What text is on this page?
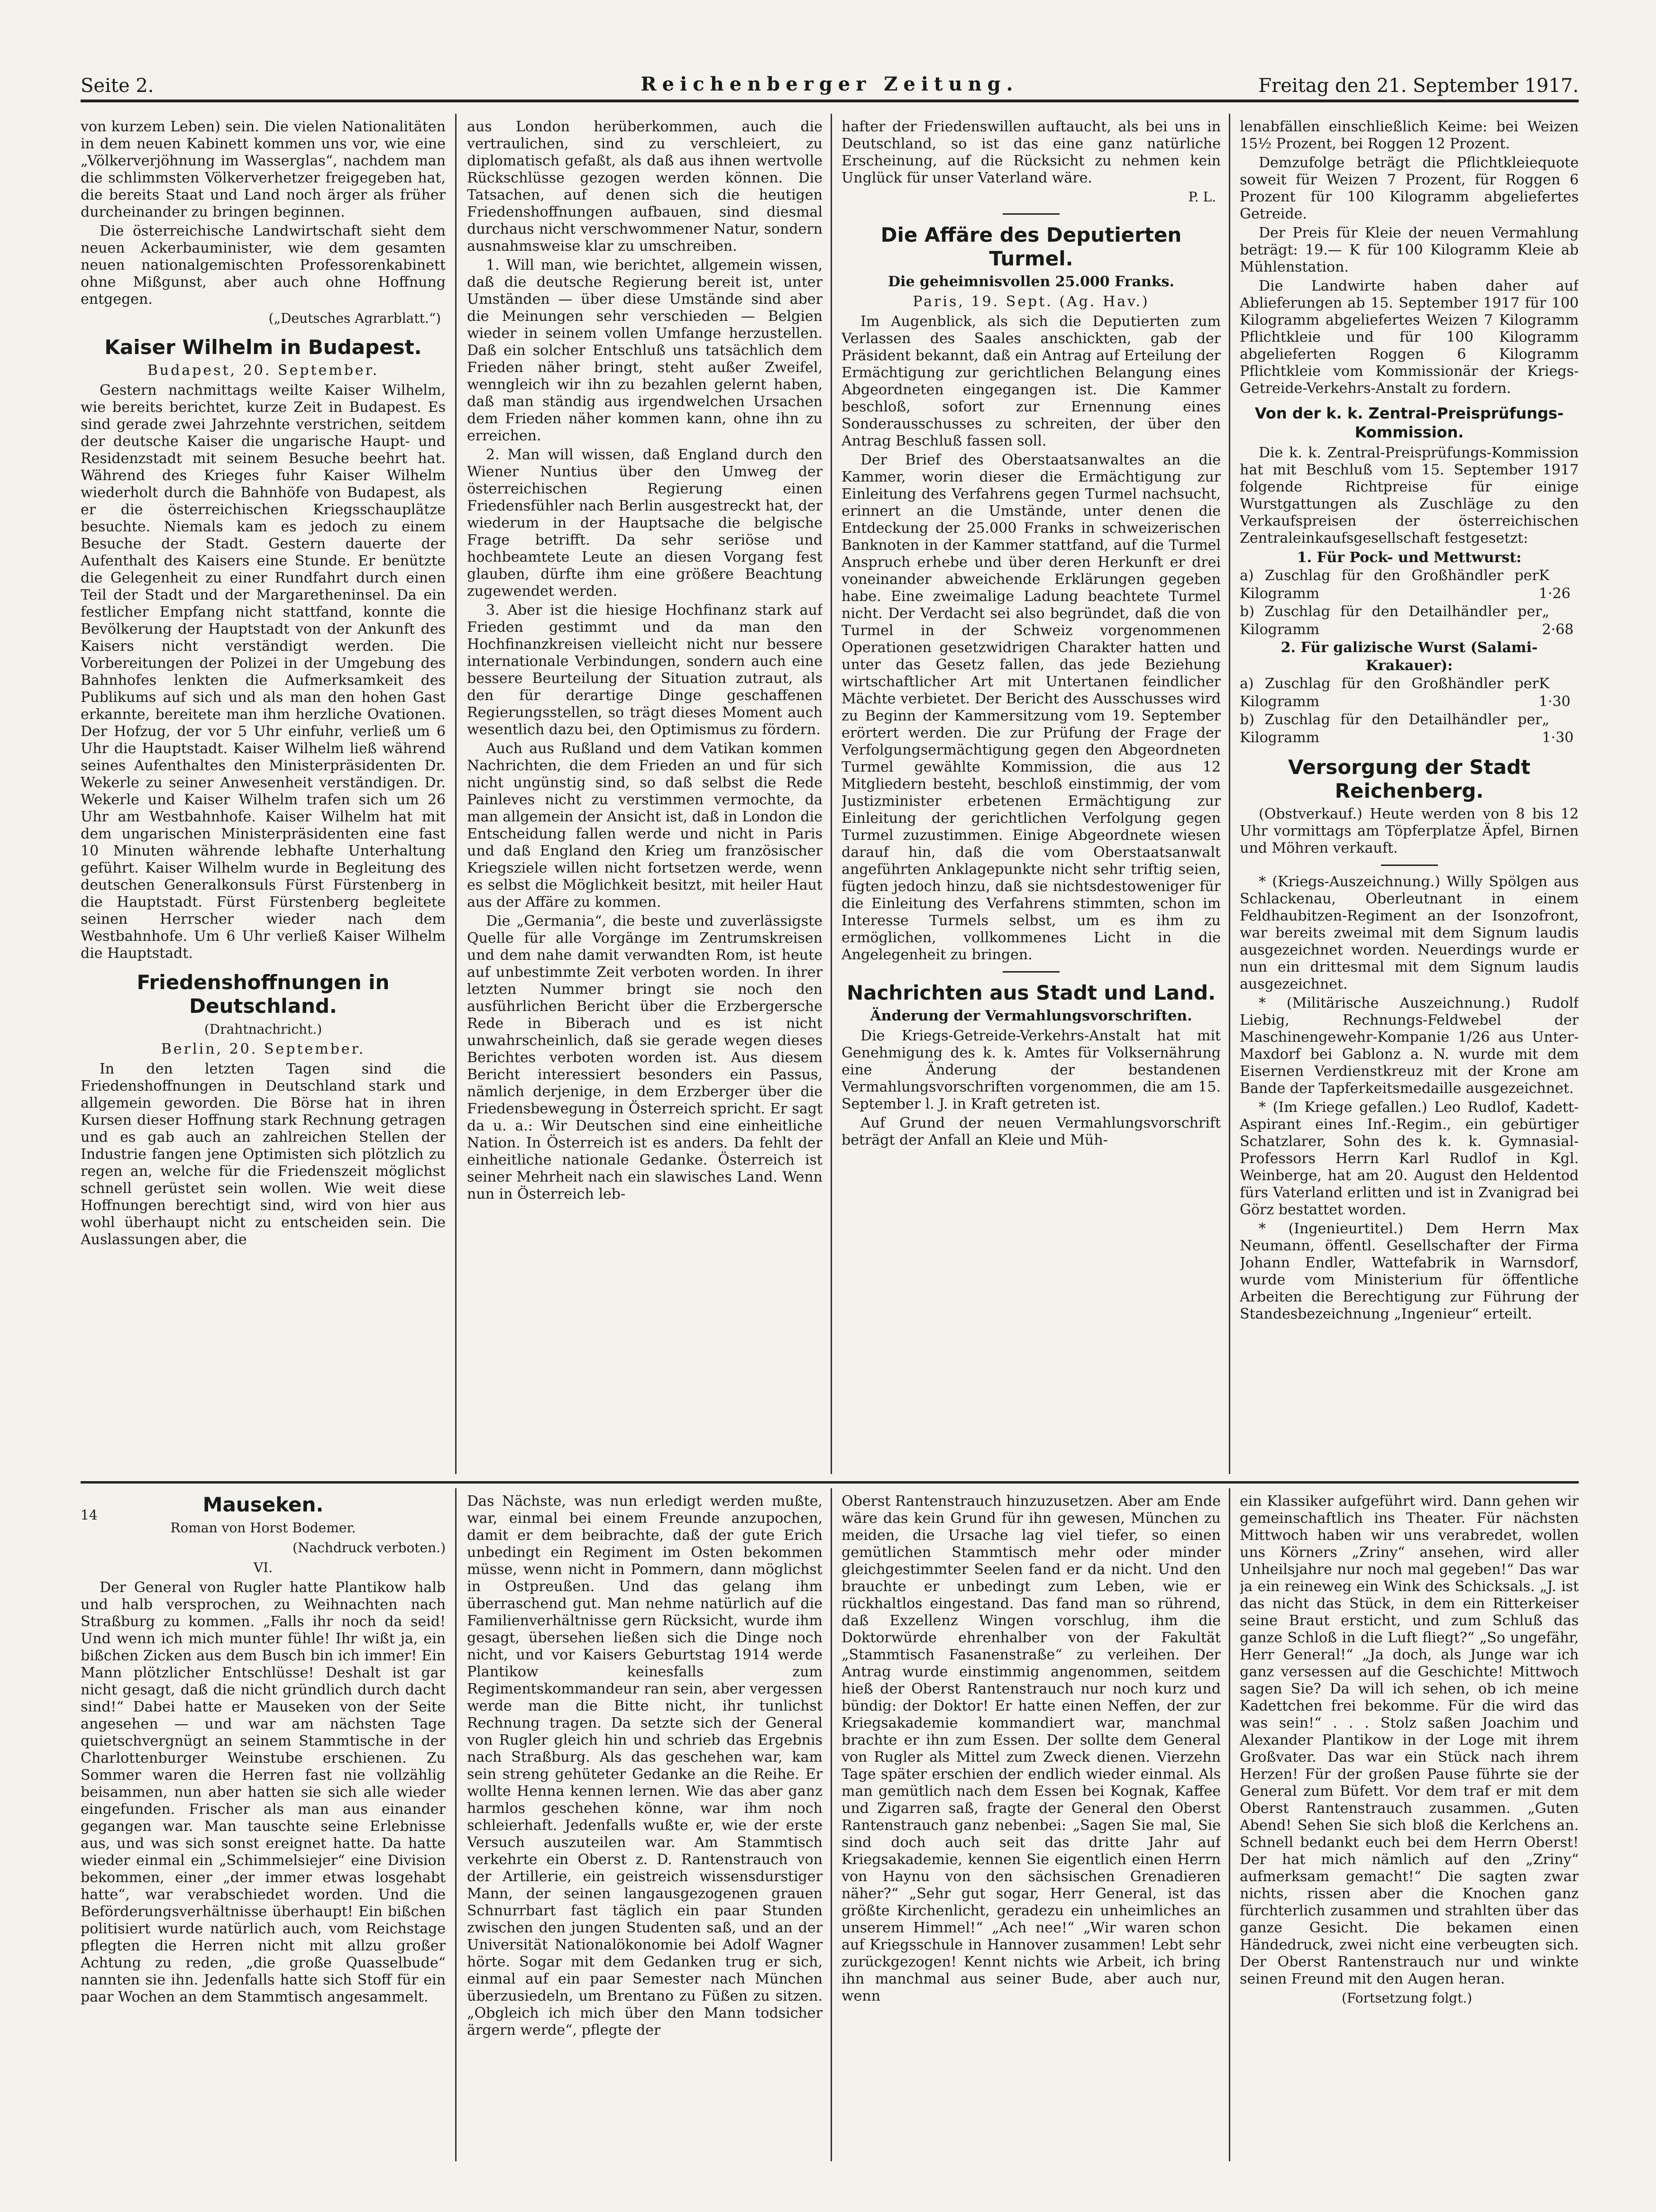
Seite 2.	Reichenberger Zeitung.	Freitag den 21. September 1917.

von kurzem Leben) sein. Die vielen Nationalitäten in dem neuen Kabinett kommen uns vor, wie eine „Völkerverjöhnung im Wasserglas“, nachdem man die schlimmsten Völkerverhetzer freigegeben hat, die bereits Staat und Land noch ärger als früher durcheinander zu bringen beginnen.

Die österreichische Landwirtschaft sieht dem neuen Ackerbauminister, wie dem gesamten neuen nationalgemischten Professorenkabinett ohne Mißgunst, aber auch ohne Hoffnung entgegen.

(„Deutsches Agrarblatt.“)
Kaiser Wilhelm in Budapest.
Budapest, 20. September.

Gestern nachmittags weilte Kaiser Wilhelm, wie bereits berichtet, kurze Zeit in Budapest. Es sind gerade zwei Jahrzehnte verstrichen, seitdem der deutsche Kaiser die ungarische Haupt- und Residenzstadt mit seinem Besuche beehrt hat. Während des Krieges fuhr Kaiser Wilhelm wiederholt durch die Bahnhöfe von Budapest, als er die österreichischen Kriegsschauplätze besuchte. Niemals kam es jedoch zu einem Besuche der Stadt. Gestern dauerte der Aufenthalt des Kaisers eine Stunde. Er benützte die Gelegenheit zu einer Rundfahrt durch einen Teil der Stadt und der Margaretheninsel. Da ein festlicher Empfang nicht stattfand, konnte die Bevölkerung der Hauptstadt von der Ankunft des Kaisers nicht verständigt werden. Die Vorbereitungen der Polizei in der Umgebung des Bahnhofes lenkten die Aufmerksamkeit des Publikums auf sich und als man den hohen Gast erkannte, bereitete man ihm herzliche Ovationen. Der Hofzug, der vor 5 Uhr einfuhr, verließ um 6 Uhr die Hauptstadt. Kaiser Wilhelm ließ während seines Aufenthaltes den Ministerpräsidenten Dr. Wekerle zu seiner Anwesenheit verständigen. Dr. Wekerle und Kaiser Wilhelm trafen sich um 26 Uhr am Westbahnhofe. Kaiser Wilhelm hat mit dem ungarischen Ministerpräsidenten eine fast 10 Minuten währende lebhafte Unterhaltung geführt. Kaiser Wilhelm wurde in Begleitung des deutschen Generalkonsuls Fürst Fürstenberg in die Hauptstadt. Fürst Fürstenberg begleitete seinen Herrscher wieder nach dem Westbahnhofe. Um 6 Uhr verließ Kaiser Wilhelm die Hauptstadt.

Friedenshoffnungen in Deutschland.
(Drahtnachricht.)
Berlin, 20. September.

In den letzten Tagen sind die Friedenshoffnungen in Deutschland stark und allgemein geworden. Die Börse hat in ihren Kursen dieser Hoffnung stark Rechnung getragen und es gab auch an zahlreichen Stellen der Industrie fangen jene Optimisten sich plötzlich zu regen an, welche für die Friedenszeit möglichst schnell gerüstet sein wollen. Wie weit diese Hoffnungen berechtigt sind, wird von hier aus wohl überhaupt nicht zu entscheiden sein. Die Auslassungen aber, die

aus London herüberkommen, auch die vertraulichen, sind zu verschleiert, zu diplomatisch gefaßt, als daß aus ihnen wertvolle Rückschlüsse gezogen werden können. Die Tatsachen, auf denen sich die heutigen Friedenshoffnungen aufbauen, sind diesmal durchaus nicht verschwommener Natur, sondern ausnahmsweise klar zu umschreiben.

1. Will man, wie berichtet, allgemein wissen, daß die deutsche Regierung bereit ist, unter Umständen — über diese Umstände sind aber die Meinungen sehr verschieden — Belgien wieder in seinem vollen Umfange herzustellen. Daß ein solcher Entschluß uns tatsächlich dem Frieden näher bringt, steht außer Zweifel, wenngleich wir ihn zu bezahlen gelernt haben, daß man ständig aus irgendwelchen Ursachen dem Frieden näher kommen kann, ohne ihn zu erreichen.

2. Man will wissen, daß England durch den Wiener Nuntius über den Umweg der österreichischen Regierung einen Friedensfühler nach Berlin ausgestreckt hat, der wiederum in der Hauptsache die belgische Frage betrifft. Da sehr seriöse und hochbeamtete Leute an diesen Vorgang fest glauben, dürfte ihm eine größere Beachtung zugewendet werden.

3. Aber ist die hiesige Hochfinanz stark auf Frieden gestimmt und da man den Hochfinanzkreisen vielleicht nicht nur bessere internationale Verbindungen, sondern auch eine bessere Beurteilung der Situation zutraut, als den für derartige Dinge geschaffenen Regierungsstellen, so trägt dieses Moment auch wesentlich dazu bei, den Optimismus zu fördern.

Auch aus Rußland und dem Vatikan kommen Nachrichten, die dem Frieden an und für sich nicht ungünstig sind, so daß selbst die Rede Painleves nicht zu verstimmen vermochte, da man allgemein der Ansicht ist, daß in London die Entscheidung fallen werde und nicht in Paris und daß England den Krieg um französischer Kriegsziele willen nicht fortsetzen werde, wenn es selbst die Möglichkeit besitzt, mit heiler Haut aus der Affäre zu kommen.

Die „Germania“, die beste und zuverlässigste Quelle für alle Vorgänge im Zentrumskreisen und dem nahe damit verwandten Rom, ist heute auf unbestimmte Zeit verboten worden. In ihrer letzten Nummer bringt sie noch den ausführlichen Bericht über die Erzbergersche Rede in Biberach und es ist nicht unwahrscheinlich, daß sie gerade wegen dieses Berichtes verboten worden ist. Aus diesem Bericht interessiert besonders ein Passus, nämlich derjenige, in dem Erzberger über die Friedensbewegung in Österreich spricht. Er sagt da u. a.: Wir Deutschen sind eine einheitliche Nation. In Österreich ist es anders. Da fehlt der einheitliche nationale Gedanke. Österreich ist seiner Mehrheit nach ein slawisches Land. Wenn nun in Österreich leb-

hafter der Friedenswillen auftaucht, als bei uns in Deutschland, so ist das eine ganz natürliche Erscheinung, auf die Rücksicht zu nehmen kein Unglück für unser Vaterland wäre.

P. L.
Die Affäre des Deputierten Turmel.
Die geheimnisvollen 25.000 Franks.
Paris, 19. Sept. (Ag. Hav.)

Im Augenblick, als sich die Deputierten zum Verlassen des Saales anschickten, gab der Präsident bekannt, daß ein Antrag auf Erteilung der Ermächtigung zur gerichtlichen Belangung eines Abgeordneten eingegangen ist. Die Kammer beschloß, sofort zur Ernennung eines Sonderausschusses zu schreiten, der über den Antrag Beschluß fassen soll.

Der Brief des Oberstaatsanwaltes an die Kammer, worin dieser die Ermächtigung zur Einleitung des Verfahrens gegen Turmel nachsucht, erinnert an die Umstände, unter denen die Entdeckung der 25.000 Franks in schweizerischen Banknoten in der Kammer stattfand, auf die Turmel Anspruch erhebe und über deren Herkunft er drei voneinander abweichende Erklärungen gegeben habe. Eine zweimalige Ladung beachtete Turmel nicht. Der Verdacht sei also begründet, daß die von Turmel in der Schweiz vorgenommenen Operationen gesetzwidrigen Charakter hatten und unter das Gesetz fallen, das jede Beziehung wirtschaftlicher Art mit Untertanen feindlicher Mächte verbietet. Der Bericht des Ausschusses wird zu Beginn der Kammersitzung vom 19. September erörtert werden. Die zur Prüfung der Frage der Verfolgungsermächtigung gegen den Abgeordneten Turmel gewählte Kommission, die aus 12 Mitgliedern besteht, beschloß einstimmig, der vom Justizminister erbetenen Ermächtigung zur Einleitung der gerichtlichen Verfolgung gegen Turmel zuzustimmen. Einige Abgeordnete wiesen darauf hin, daß die vom Oberstaatsanwalt angeführten Anklagepunkte nicht sehr triftig seien, fügten jedoch hinzu, daß sie nichtsdestoweniger für die Einleitung des Verfahrens stimmten, schon im Interesse Turmels selbst, um es ihm zu ermöglichen, vollkommenes Licht in die Angelegenheit zu bringen.

Nachrichten aus Stadt und Land.
Änderung der Vermahlungsvorschriften.

Die Kriegs-Getreide-Verkehrs-Anstalt hat mit Genehmigung des k. k. Amtes für Volksernährung eine Änderung der bestandenen Vermahlungsvorschriften vorgenommen, die am 15. September l. J. in Kraft getreten ist.

Auf Grund der neuen Vermahlungsvorschrift beträgt der Anfall an Kleie und Müh-

lenabfällen einschließlich Keime: bei Weizen 15½ Prozent, bei Roggen 12 Prozent.

Demzufolge beträgt die Pflichtkleiequote soweit für Weizen 7 Prozent, für Roggen 6 Prozent für 100 Kilogramm abgeliefertes Getreide.

Der Preis für Kleie der neuen Vermahlung beträgt: 19.— K für 100 Kilogramm Kleie ab Mühlenstation.

Die Landwirte haben daher auf Ablieferungen ab 15. September 1917 für 100 Kilogramm abgeliefertes Weizen 7 Kilogramm Pflichtkleie und für 100 Kilogramm abgelieferten Roggen 6 Kilogramm Pflichtkleie vom Kommissionär der Kriegs-Getreide-Verkehrs-Anstalt zu fordern.

Von der k. k. Zentral-Preisprüfungs-Kommission.

Die k. k. Zentral-Preisprüfungs-Kommission hat mit Beschluß vom 15. September 1917 folgende Richtpreise für einige Wurstgattungen als Zuschläge zu den Verkaufspreisen der österreichischen Zentraleinkaufsgesellschaft festgesetzt:

1. Für Pock- und Mettwurst:
a) Zuschlag für den Großhändler per Kilogramm
K 1·26
b) Zuschlag für den Detailhändler per Kilogramm
„ 2·68
2. Für galizische Wurst (Salami-Krakauer):
a) Zuschlag für den Großhändler per Kilogramm
K 1·30
b) Zuschlag für den Detailhändler per Kilogramm
„ 1·30
Versorgung der Stadt Reichenberg.

(Obstverkauf.) Heute werden von 8 bis 12 Uhr vormittags am Töpferplatze Äpfel, Birnen und Möhren verkauft.

* (Kriegs-Auszeichnung.) Willy Spölgen aus Schlackenau, Oberleutnant in einem Feldhaubitzen-Regiment an der Isonzofront, war bereits zweimal mit dem Signum laudis ausgezeichnet worden. Neuerdings wurde er nun ein drittesmal mit dem Signum laudis ausgezeichnet.

* (Militärische Auszeichnung.) Rudolf Liebig, Rechnungs-Feldwebel der Maschinengewehr-Kompanie 1/26 aus Unter-Maxdorf bei Gablonz a. N. wurde mit dem Eisernen Verdienstkreuz mit der Krone am Bande der Tapferkeitsmedaille ausgezeichnet.

* (Im Kriege gefallen.) Leo Rudlof, Kadett-Aspirant eines Inf.-Regim., ein gebürtiger Schatzlarer, Sohn des k. k. Gymnasial-Professors Herrn Karl Rudlof in Kgl. Weinberge, hat am 20. August den Heldentod fürs Vaterland erlitten und ist in Zvanigrad bei Görz bestattet worden.

* (Ingenieurtitel.) Dem Herrn Max Neumann, öffentl. Gesellschafter der Firma Johann Endler, Wattefabrik in Warnsdorf, wurde vom Ministerium für öffentliche Arbeiten die Berechtigung zur Führung der Standesbezeichnung „Ingenieur“ erteilt.

14	Mauseken.
Roman von Horst Bodemer.
(Nachdruck verboten.)
VI.

Der General von Rugler hatte Plantikow halb und halb versprochen, zu Weihnachten nach Straßburg zu kommen. „Falls ihr noch da seid! Und wenn ich mich munter fühle! Ihr wißt ja, ein bißchen Zicken aus dem Busch bin ich immer! Ein Mann plötzlicher Entschlüsse! Deshalt ist gar nicht gesagt, daß die nicht gründlich durch dacht sind!“ Dabei hatte er Mauseken von der Seite angesehen — und war am nächsten Tage quietschvergnügt an seinem Stammtische in der Charlottenburger Weinstube erschienen. Zu Sommer waren die Herren fast nie vollzählig beisammen, nun aber hatten sie sich alle wieder eingefunden. Frischer als man aus einander gegangen war. Man tauschte seine Erlebnisse aus, und was sich sonst ereignet hatte. Da hatte wieder einmal ein „Schimmelsiejer“ eine Division bekommen, einer „der immer etwas losgehabt hatte“, war verabschiedet worden. Und die Beförderungsverhältnisse überhaupt! Ein bißchen politisiert wurde natürlich auch, vom Reichstage pflegten die Herren nicht mit allzu großer Achtung zu reden, „die große Quasselbude“ nannten sie ihn. Jedenfalls hatte sich Stoff für ein paar Wochen an dem Stammtisch angesammelt.

Das Nächste, was nun erledigt werden mußte, war, einmal bei einem Freunde anzupochen, damit er dem beibrachte, daß der gute Erich unbedingt ein Regiment im Osten bekommen müsse, wenn nicht in Pommern, dann möglichst in Ostpreußen. Und das gelang ihm überraschend gut. Man nehme natürlich auf die Familienverhältnisse gern Rücksicht, wurde ihm gesagt, übersehen ließen sich die Dinge noch nicht, und vor Kaisers Geburtstag 1914 werde Plantikow keinesfalls zum Regimentskommandeur ran sein, aber vergessen werde man die Bitte nicht, ihr tunlichst Rechnung tragen. Da setzte sich der General von Rugler gleich hin und schrieb das Ergebnis nach Straßburg. Als das geschehen war, kam sein streng gehüteter Gedanke an die Reihe. Er wollte Henna kennen lernen. Wie das aber ganz harmlos geschehen könne, war ihm noch schleierhaft. Jedenfalls wußte er, wie der erste Versuch auszuteilen war. Am Stammtisch verkehrte ein Oberst z. D. Rantenstrauch von der Artillerie, ein geistreich wissensdurstiger Mann, der seinen langausgezogenen grauen Schnurrbart fast täglich ein paar Stunden zwischen den jungen Studenten saß, und an der Universität Nationalökonomie bei Adolf Wagner hörte. Sogar mit dem Gedanken trug er sich, einmal auf ein paar Semester nach München überzusiedeln, um Brentano zu Füßen zu sitzen. „Obgleich ich mich über den Mann todsicher ärgern werde“, pflegte der

Oberst Rantenstrauch hinzuzusetzen. Aber am Ende wäre das kein Grund für ihn gewesen, München zu meiden, die Ursache lag viel tiefer, so einen gemütlichen Stammtisch mehr oder minder gleichgestimmter Seelen fand er da nicht. Und den brauchte er unbedingt zum Leben, wie er rückhaltlos eingestand. Das fand man so rührend, daß Exzellenz Wingen vorschlug, ihm die Doktorwürde ehrenhalber von der Fakultät „Stammtisch Fasanenstraße“ zu verleihen. Der Antrag wurde einstimmig angenommen, seitdem hieß der Oberst Rantenstrauch nur noch kurz und bündig: der Doktor! Er hatte einen Neffen, der zur Kriegsakademie kommandiert war, manchmal brachte er ihn zum Essen. Der sollte dem General von Rugler als Mittel zum Zweck dienen. Vierzehn Tage später erschien der endlich wieder einmal. Als man gemütlich nach dem Essen bei Kognak, Kaffee und Zigarren saß, fragte der General den Oberst Rantenstrauch ganz nebenbei: „Sagen Sie mal, Sie sind doch auch seit das dritte Jahr auf Kriegsakademie, kennen Sie eigentlich einen Herrn von Haynu von den sächsischen Grenadieren näher?“ „Sehr gut sogar, Herr General, ist das größte Kirchenlicht, geradezu ein unheimliches an unserem Himmel!“ „Ach nee!“ „Wir waren schon auf Kriegsschule in Hannover zusammen! Lebt sehr zurückgezogen! Kennt nichts wie Arbeit, ich bring ihn manchmal aus seiner Bude, aber auch nur, wenn

ein Klassiker aufgeführt wird. Dann gehen wir gemeinschaftlich ins Theater. Für nächsten Mittwoch haben wir uns verabredet, wollen uns Körners „Zriny“ ansehen, wird aller Unheilsjahre nur noch mal gegeben!“ Das war ja ein reineweg ein Wink des Schicksals. „J. ist das nicht das Stück, in dem ein Ritterkeiser seine Braut ersticht, und zum Schluß das ganze Schloß in die Luft fliegt?“ „So ungefähr, Herr General!“ „Ja doch, als Junge war ich ganz versessen auf die Geschichte! Mittwoch sagen Sie? Da will ich sehen, ob ich meine Kadettchen frei bekomme. Für die wird das was sein!“ . . . Stolz saßen Joachim und Alexander Plantikow in der Loge mit ihrem Großvater. Das war ein Stück nach ihrem Herzen! Für der großen Pause führte sie der General zum Büfett. Vor dem traf er mit dem Oberst Rantenstrauch zusammen. „Guten Abend! Sehen Sie sich bloß die Kerlchens an. Schnell bedankt euch bei dem Herrn Oberst! Der hat mich nämlich auf den „Zriny“ aufmerksam gemacht!“ Die sagten zwar nichts, rissen aber die Knochen ganz fürchterlich zusammen und strahlten über das ganze Gesicht. Die bekamen einen Händedruck, zwei nicht eine verbeugten sich. Der Oberst Rantenstrauch nur und winkte seinen Freund mit den Augen heran.

(Fortsetzung folgt.)
